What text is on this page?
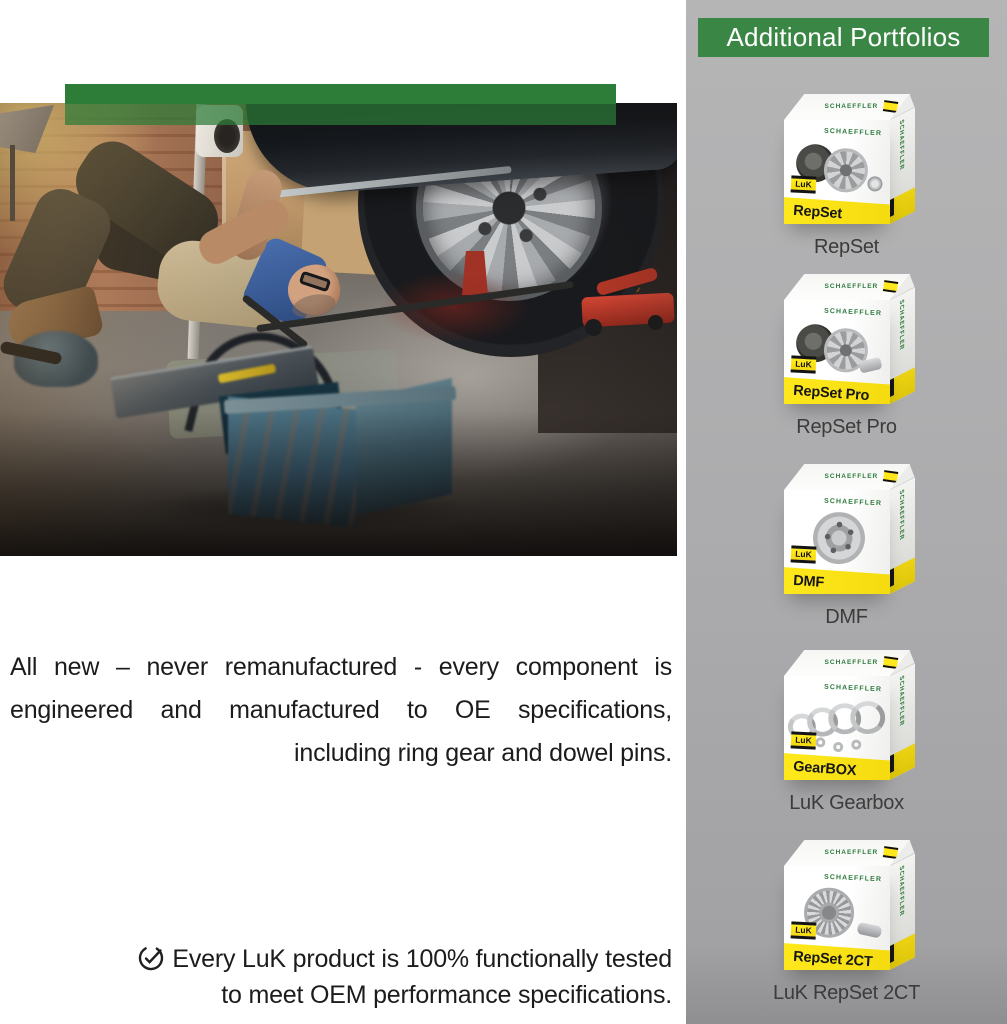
All new – never remanufactured - every component is
engineered and manufactured to OE specifications,
including ring gear and dowel pins.
Every LuK product is 100% functionally tested
to meet OEM performance specifications.
Additional Portfolios
SCHAEFFLER
SCHAEFFLER
SCHAEFFLER
LuK
RepSet
RepSet
SCHAEFFLER
SCHAEFFLER
SCHAEFFLER
LuK
RepSet Pro
RepSet Pro
SCHAEFFLER
SCHAEFFLER
SCHAEFFLER
LuK
DMF
DMF
SCHAEFFLER
SCHAEFFLER
SCHAEFFLER
LuK
GearBOX
LuK Gearbox
SCHAEFFLER
SCHAEFFLER
SCHAEFFLER
LuK
RepSet 2CT
LuK RepSet 2CT
